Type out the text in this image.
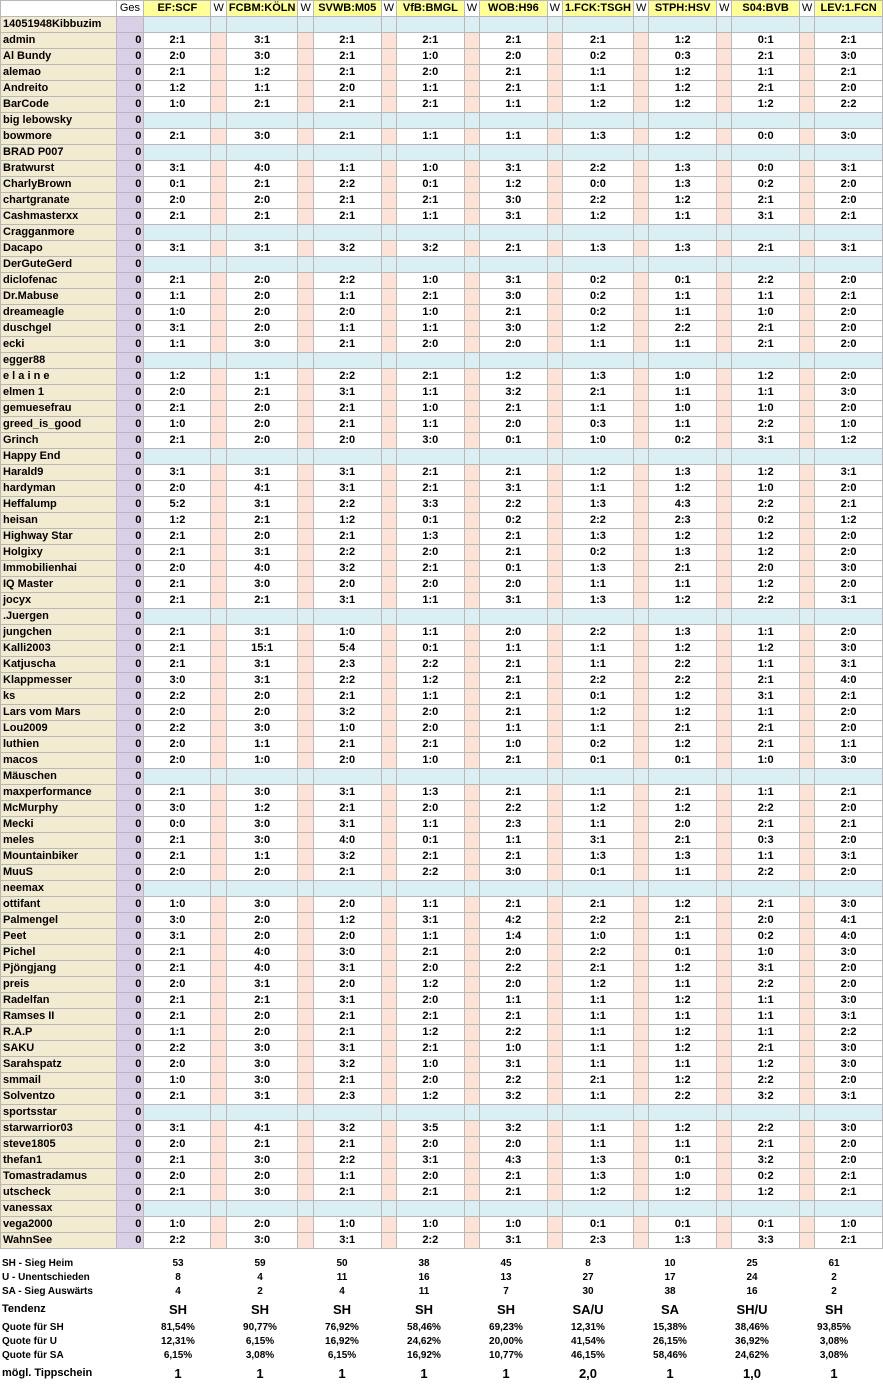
	Ges	EF:SCF	W	FCBM:KÖLN	W	SVWB:M05	W	VfB:BMGL	W	WOB:H96	W	1.FCK:TSGH	W	STPH:HSV	W	S04:BVB	W	LEV:1.FCN
14051948Kibbuzim																		
admin	0	2:1		3:1		2:1		2:1		2:1		2:1		1:2		0:1		2:1
Al Bundy	0	2:0		3:0		2:1		1:0		2:0		0:2		0:3		2:1		3:0
alemao	0	2:1		1:2		2:1		2:0		2:1		1:1		1:2		1:1		2:1
Andreito	0	1:2		1:1		2:0		1:1		2:1		1:1		1:2		2:1		2:0
BarCode	0	1:0		2:1		2:1		2:1		1:1		1:2		1:2		1:2		2:2
big lebowsky	0																	
bowmore	0	2:1		3:0		2:1		1:1		1:1		1:3		1:2		0:0		3:0
BRAD P007	0																	
Bratwurst	0	3:1		4:0		1:1		1:0		3:1		2:2		1:3		0:0		3:1
CharlyBrown	0	0:1		2:1		2:2		0:1		1:2		0:0		1:3		0:2		2:0
chartgranate	0	2:0		2:0		2:1		2:1		3:0		2:2		1:2		2:1		2:0
Cashmasterxx	0	2:1		2:1		2:1		1:1		3:1		1:2		1:1		3:1		2:1
Cragganmore	0																	
Dacapo	0	3:1		3:1		3:2		3:2		2:1		1:3		1:3		2:1		3:1
DerGuteGerd	0																	
diclofenac	0	2:1		2:0		2:2		1:0		3:1		0:2		0:1		2:2		2:0
Dr.Mabuse	0	1:1		2:0		1:1		2:1		3:0		0:2		1:1		1:1		2:1
dreameagle	0	1:0		2:0		2:0		1:0		2:1		0:2		1:1		1:0		2:0
duschgel	0	3:1		2:0		1:1		1:1		3:0		1:2		2:2		2:1		2:0
ecki	0	1:1		3:0		2:1		2:0		2:0		1:1		1:1		2:1		2:0
egger88	0																	
e l a i n e	0	1:2		1:1		2:2		2:1		1:2		1:3		1:0		1:2		2:0
elmen 1	0	2:0		2:1		3:1		1:1		3:2		2:1		1:1		1:1		3:0
gemuesefrau	0	2:1		2:0		2:1		1:0		2:1		1:1		1:0		1:0		2:0
greed_is_good	0	1:0		2:0		2:1		1:1		2:0		0:3		1:1		2:2		1:0
Grinch	0	2:1		2:0		2:0		3:0		0:1		1:0		0:2		3:1		1:2
Happy End	0																	
Harald9	0	3:1		3:1		3:1		2:1		2:1		1:2		1:3		1:2		3:1
hardyman	0	2:0		4:1		3:1		2:1		3:1		1:1		1:2		1:0		2:0
Heffalump	0	5:2		3:1		2:2		3:3		2:2		1:3		4:3		2:2		2:1
heisan	0	1:2		2:1		1:2		0:1		0:2		2:2		2:3		0:2		1:2
Highway Star	0	2:1		2:0		2:1		1:3		2:1		1:3		1:2		1:2		2:0
Holgixy	0	2:1		3:1		2:2		2:0		2:1		0:2		1:3		1:2		2:0
Immobilienhai	0	2:0		4:0		3:2		2:1		0:1		1:3		2:1		2:0		3:0
IQ Master	0	2:1		3:0		2:0		2:0		2:0		1:1		1:1		1:2		2:0
jocyx	0	2:1		2:1		3:1		1:1		3:1		1:3		1:2		2:2		3:1
.Juergen	0																	
jungchen	0	2:1		3:1		1:0		1:1		2:0		2:2		1:3		1:1		2:0
Kalli2003	0	2:1		15:1		5:4		0:1		1:1		1:1		1:2		1:2		3:0
Katjuscha	0	2:1		3:1		2:3		2:2		2:1		1:1		2:2		1:1		3:1
Klappmesser	0	3:0		3:1		2:2		1:2		2:1		2:2		2:2		2:1		4:0
ks	0	2:2		2:0		2:1		1:1		2:1		0:1		1:2		3:1		2:1
Lars vom Mars	0	2:0		2:0		3:2		2:0		2:1		1:2		1:2		1:1		2:0
Lou2009	0	2:2		3:0		1:0		2:0		1:1		1:1		2:1		2:1		2:0
luthien	0	2:0		1:1		2:1		2:1		1:0		0:2		1:2		2:1		1:1
macos	0	2:0		1:0		2:0		1:0		2:1		0:1		0:1		1:0		3:0
Mäuschen	0																	
maxperformance	0	2:1		3:0		3:1		1:3		2:1		1:1		2:1		1:1		2:1
McMurphy	0	3:0		1:2		2:1		2:0		2:2		1:2		1:2		2:2		2:0
Mecki	0	0:0		3:0		3:1		1:1		2:3		1:1		2:0		2:1		2:1
meles	0	2:1		3:0		4:0		0:1		1:1		3:1		2:1		0:3		2:0
Mountainbiker	0	2:1		1:1		3:2		2:1		2:1		1:3		1:3		1:1		3:1
MuuS	0	2:0		2:0		2:1		2:2		3:0		0:1		1:1		2:2		2:0
neemax	0																	
ottifant	0	1:0		3:0		2:0		1:1		2:1		2:1		1:2		2:1		3:0
Palmengel	0	3:0		2:0		1:2		3:1		4:2		2:2		2:1		2:0		4:1
Peet	0	3:1		2:0		2:0		1:1		1:4		1:0		1:1		0:2		4:0
Pichel	0	2:1		4:0		3:0		2:1		2:0		2:2		0:1		1:0		3:0
Pjöngjang	0	2:1		4:0		3:1		2:0		2:2		2:1		1:2		3:1		2:0
preis	0	2:0		3:1		2:0		1:2		2:0		1:2		1:1		2:2		2:0
Radelfan	0	2:1		2:1		3:1		2:0		1:1		1:1		1:2		1:1		3:0
Ramses II	0	2:1		2:0		2:1		2:1		2:1		1:1		1:1		1:1		3:1
R.A.P	0	1:1		2:0		2:1		1:2		2:2		1:1		1:2		1:1		2:2
SAKU	0	2:2		3:0		3:1		2:1		1:0		1:1		1:2		2:1		3:0
Sarahspatz	0	2:0		3:0		3:2		1:0		3:1		1:1		1:1		1:2		3:0
smmail	0	1:0		3:0		2:1		2:0		2:2		2:1		1:2		2:2		2:0
Solventzo	0	2:1		3:1		2:3		1:2		3:2		1:1		2:2		3:2		3:1
sportsstar	0																	
starwarrior03	0	3:1		4:1		3:2		3:5		3:2		1:1		1:2		2:2		3:0
steve1805	0	2:0		2:1		2:1		2:0		2:0		1:1		1:1		2:1		2:0
thefan1	0	2:1		3:0		2:2		3:1		4:3		1:3		0:1		3:2		2:0
Tomastradamus	0	2:0		2:0		1:1		2:0		2:1		1:3		1:0		0:2		2:1
utscheck	0	2:1		3:0		2:1		2:1		2:1		1:2		1:2		1:2		2:1
vanessax	0																	
vega2000	0	1:0		2:0		1:0		1:0		1:0		0:1		0:1		0:1		1:0
WahnSee	0	2:2		3:0		3:1		2:2		3:1		2:3		1:3		3:3		2:1
SH - Sieg Heim	53		59		50		38		45		8		10		25		61
U - Unentschieden	8		4		11		16		13		27		17		24		2
SA - Sieg Auswärts	4		2		4		11		7		30		38		16		2
Tendenz	SH		SH		SH		SH		SH		SA/U		SA		SH/U		SH
Quote für SH	81,54%		90,77%		76,92%		58,46%		69,23%		12,31%		15,38%		38,46%		93,85%
Quote für U	12,31%		6,15%		16,92%		24,62%		20,00%		41,54%		26,15%		36,92%		3,08%
Quote für SA	6,15%		3,08%		6,15%		16,92%		10,77%		46,15%		58,46%		24,62%		3,08%
mögl. Tippschein	1		1		1		1		1		2,0		1		1,0		1
